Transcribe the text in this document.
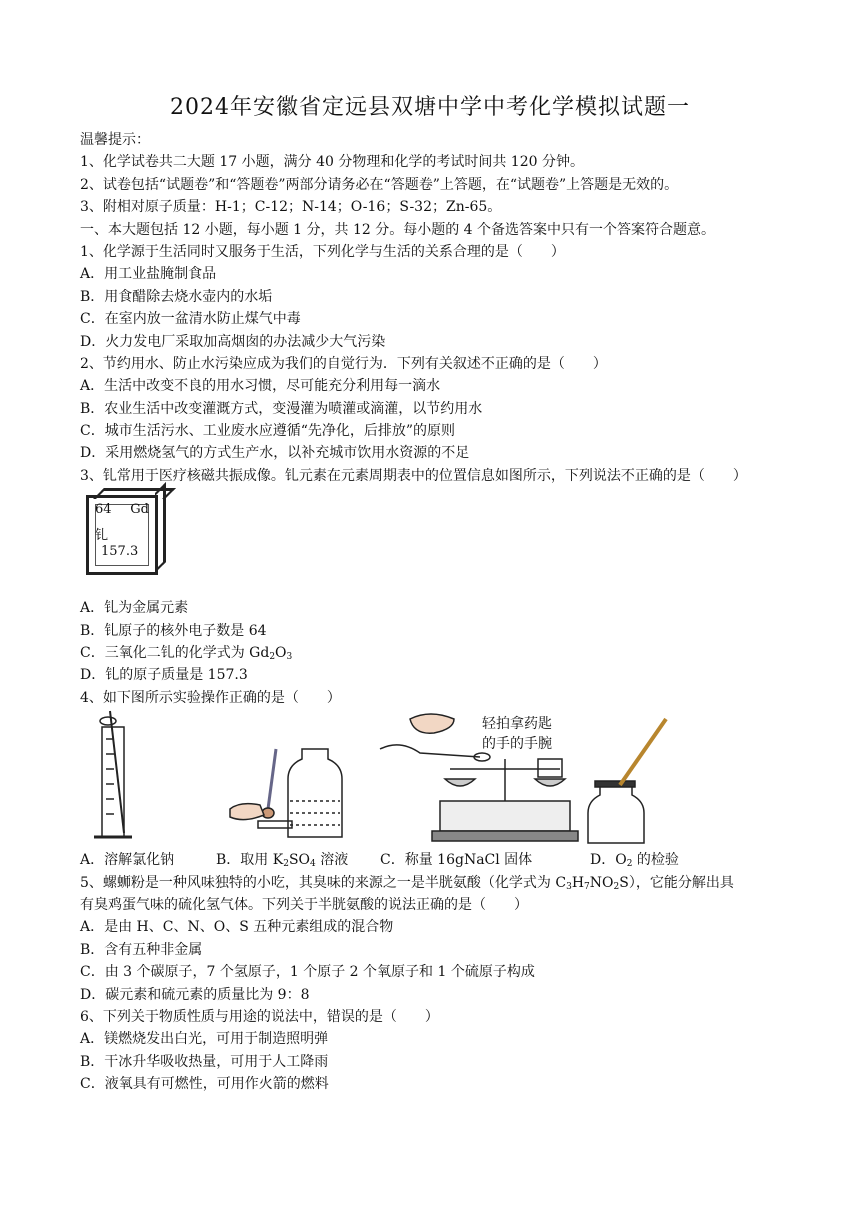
2024年安徽省定远县双塘中学中考化学模拟试题一
温馨提示：
1、化学试卷共二大题 17 小题，满分 40 分物理和化学的考试时间共 120 分钟。
2、试卷包括“试题卷”和“答题卷”两部分请务必在“答题卷”上答题，在“试题卷”上答题是无效的。
3、附相对原子质量：H-1；C-12；N-14；O-16；S-32；Zn-65。
一、本大题包括 12 小题，每小题 1 分，共 12 分。每小题的 4 个备选答案中只有一个答案符合题意。
1、化学源于生活同时又服务于生活，下列化学与生活的关系合理的是（　　）
A．用工业盐腌制食品
B．用食醋除去烧水壶内的水垢
C．在室内放一盆清水防止煤气中毒
D．火力发电厂采取加高烟囱的办法减少大气污染
2、节约用水、防止水污染应成为我们的自觉行为．下列有关叙述不正确的是（　　）
A．生活中改变不良的用水习惯，尽可能充分利用每一滴水
B．农业生活中改变灌溉方式，变漫灌为喷灌或滴灌，以节约用水
C．城市生活污水、工业废水应遵循“先净化，后排放”的原则
D．采用燃烧氢气的方式生产水，以补充城市饮用水资源的不足
3、钆常用于医疗核磁共振成像。钆元素在元素周期表中的位置信息如图所示，下列说法不正确的是（　　）
64 Gd
钆
157.3
A．钆为金属元素
B．钆原子的核外电子数是 64
C．三氧化二钆的化学式为 $Gd_2O_3$
D．钆的原子质量是 157.3
4、如下图所示实验操作正确的是（　　）
轻拍拿药匙
的手的手腕
A．溶解氯化钠	B．取用 $K_2SO_4$ 溶液 C．称量 16gNaCl 固体	D．$O_2$ 的检验
5、螺蛳粉是一种风味独特的小吃，其臭味的来源之一是半胱氨酸（化学式为 $C_3H_7NO_2S$），它能分解出具
有臭鸡蛋气味的硫化氢气体。下列关于半胱氨酸的说法正确的是（　　）
A．是由 H、C、N、O、S 五种元素组成的混合物
B．含有五种非金属
C．由 3 个碳原子，7 个氢原子，1 个原子 2 个氧原子和 1 个硫原子构成
D．碳元素和硫元素的质量比为 9：8
6、下列关于物质性质与用途的说法中，错误的是（　　）
A．镁燃烧发出白光，可用于制造照明弹
B．干冰升华吸收热量，可用于人工降雨
C．液氧具有可燃性，可用作火箭的燃料
